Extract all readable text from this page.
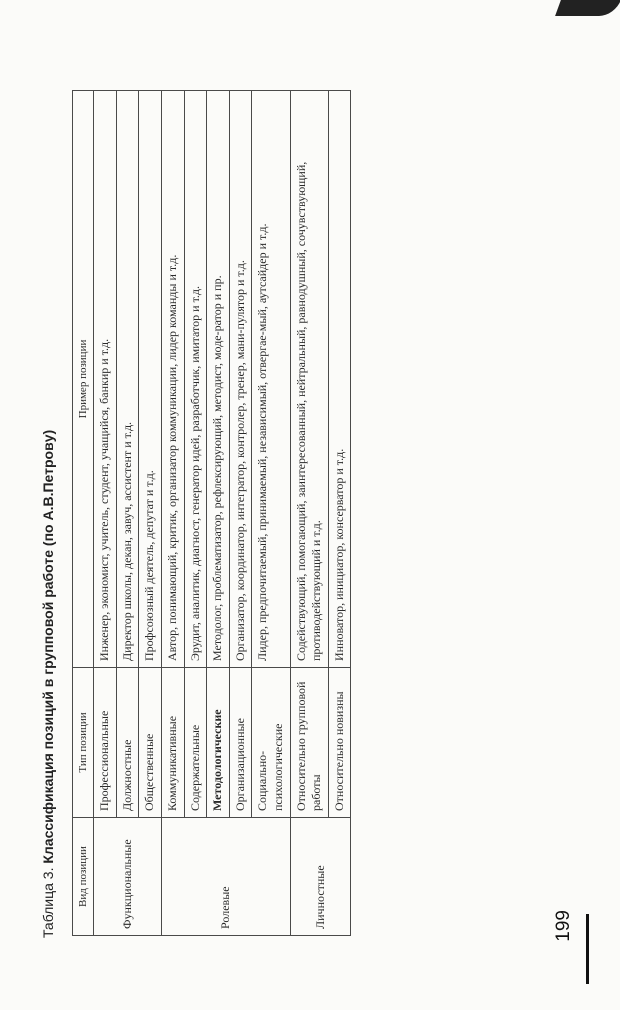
Таблица 3. Классификация позиций в групповой работе (по А.В.Петровy)
Вид позиции	Тип позиции	Пример позиции
Функциональные	Профессиональные	Инженер, экономист, учитель, студент, учащийся, банкир и т.д.
	Должностные	Директор школы, декан, завуч, ассистент и т.д.
	Общественные	Профсоюзный деятель, депутат и т.д.
Ролевые	Коммуникативные	Автор, понимающий, критик, организатор коммуникации, лидер команды и т.д.
	Содержательные	Эрудит, аналитик, диагност, генератор идей, разработчик, имитатор и т.д.
	Методологические	Методолог, проблематизатор, рефлексирующий, методист, моде-ратор и пр.
	Организационные	Организатор, координатор, интегратор, контролер, тренер, мани-пулятор и т.д.
	Социально-психологические	Лидер, предпочитаемый, принимаемый, независимый, отвергае-мый, аутсайдер и т.д.
Личностные	Относительно групповой работы	Содействующий, помогающий, заинтересованный, нейтральный, равнодушный, сочувствующий, противодействующий и т.д.
	Относительно новизны	Инноватор, инициатор, консерватор и т.д.
199
